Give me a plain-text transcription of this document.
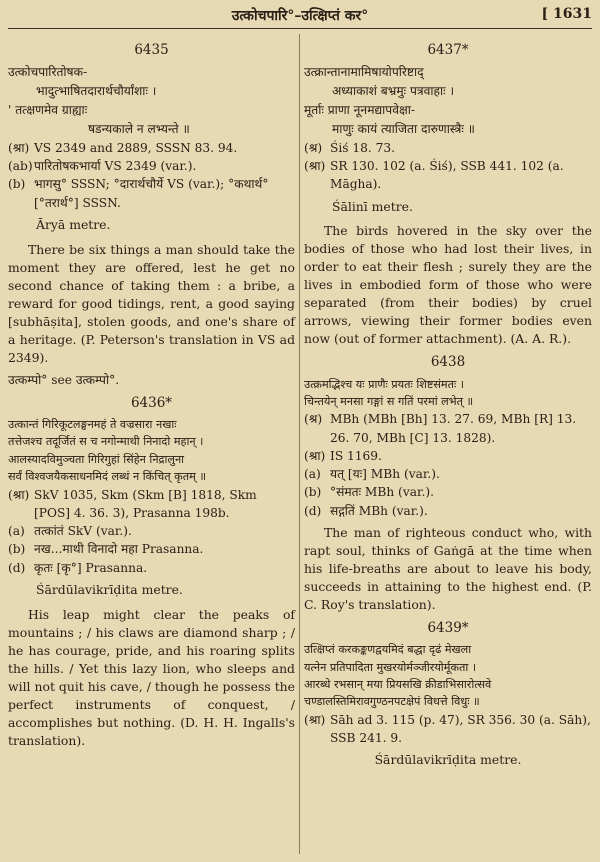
उत्कोचपारि°–उत्क्षिप्तं कर°	[ 1631
6435
उत्कोचपारितोषक-
भादुत्भाषितदारार्थचौर्यांशाः ।
' तत्क्षणमेव ग्राह्याः
षडन्यकाले न लभ्यन्ते ॥
(श्रा) VS 2349 and 2889, SSSN 83. 94.
(ab) पारितोषकभार्या VS 2349 (var.).
(b) भागसु° SSSN; °दारार्थचौर्ये VS (var.); °कथार्थ° [°तरार्थ°] SSSN.
Āryā metre.
There be six things a man should take the moment they are offered, lest he get no second chance of taking them : a bribe, a reward for good tidings, rent, a good saying [subhāṣita], stolen goods, and one's share of a heritage. (P. Peterson's translation in VS ad 2349).
उत्कम्पो° see उत्कम्पो°.
6436*
उत्कान्तं गिरिकूटलङ्घनमहं ते वज्रसारा नखाः
तत्तेजश्च तदूर्जितं स च नगोन्माथी निनादो महान् ।
आलस्यादविमुञ्चता गिरिगुहां सिंहेन निद्रालुना
सर्वं विश्वजयैकसाधनमिदं लब्धं न किंचित् कृतम् ॥
(श्रा) SkV 1035, Skm (Skm [B] 1818, Skm [POS] 4. 36. 3), Prasanna 198b.
(a) तत्कांतं SkV (var.).
(b) नख...माथी विनादो महा Prasanna.
(d) कृतः [कृ°] Prasanna.
Śārdūlavikrīḍita metre.
His leap might clear the peaks of mountains ; / his claws are diamond sharp ; / he has courage, pride, and his roaring splits the hills. / Yet this lazy lion, who sleeps and will not quit his cave, / though he possess the perfect instruments of conquest, / accomplishes but nothing. (D. H. H. Ingalls's translation).
6437*
उत्क्रान्तानामामिषायोपरिष्टाद्
अध्याकाशं बभ्रमुः पत्रवाहाः ।
मूर्ताः प्राणा नूनमद्यापवेक्षा-
माणुः कायं त्याजिता दारुणास्त्रैः ॥
(श्र) Śiś 18. 73.
(श्रा) SR 130. 102 (a. Śiś), SSB 441. 102 (a. Māgha).
Śālinī metre.
The birds hovered in the sky over the bodies of those who had lost their lives, in order to eat their flesh ; surely they are the lives in embodied form of those who were separated (from their bodies) by cruel arrows, viewing their former bodies even now (out of former attachment). (A. A. R.).
6438
उत्क्रमद्भिश्च यः प्राणैः प्रयतः शिष्टसंमतः ।
चिन्तयेन् मनसा गङ्गां स गतिं परमां लभेत् ॥
(श्र) MBh (MBh [Bh] 13. 27. 69, MBh [R] 13. 26. 70, MBh [C] 13. 1828).
(श्रा) IS 1169.
(a) यत् [यः] MBh (var.).
(b) °संमतः MBh (var.).
(d) सद्गतिं MBh (var.).
The man of righteous conduct who, with rapt soul, thinks of Gaṅgā at the time when his life-breaths are about to leave his body, succeeds in attaining to the highest end. (P. C. Roy's translation).
6439*
उत्क्षिप्तं करकङ्कणद्वयमिदं बद्धा दृढं मेखला
यत्नेन प्रतिपादिता मुखरयोर्मञ्जीरयोर्मूकता ।
आरब्धे रभसान् मया प्रियसखि क्रीडाभिसारोत्सवे
चण्डालस्तिमिरावगुण्ठनपटक्षेपं विधत्ते विधुः ॥
(श्रा) Sāh ad 3. 115 (p. 47), SR 356. 30 (a. Sāh), SSB 241. 9.
Śārdūlavikrīḍita metre.
